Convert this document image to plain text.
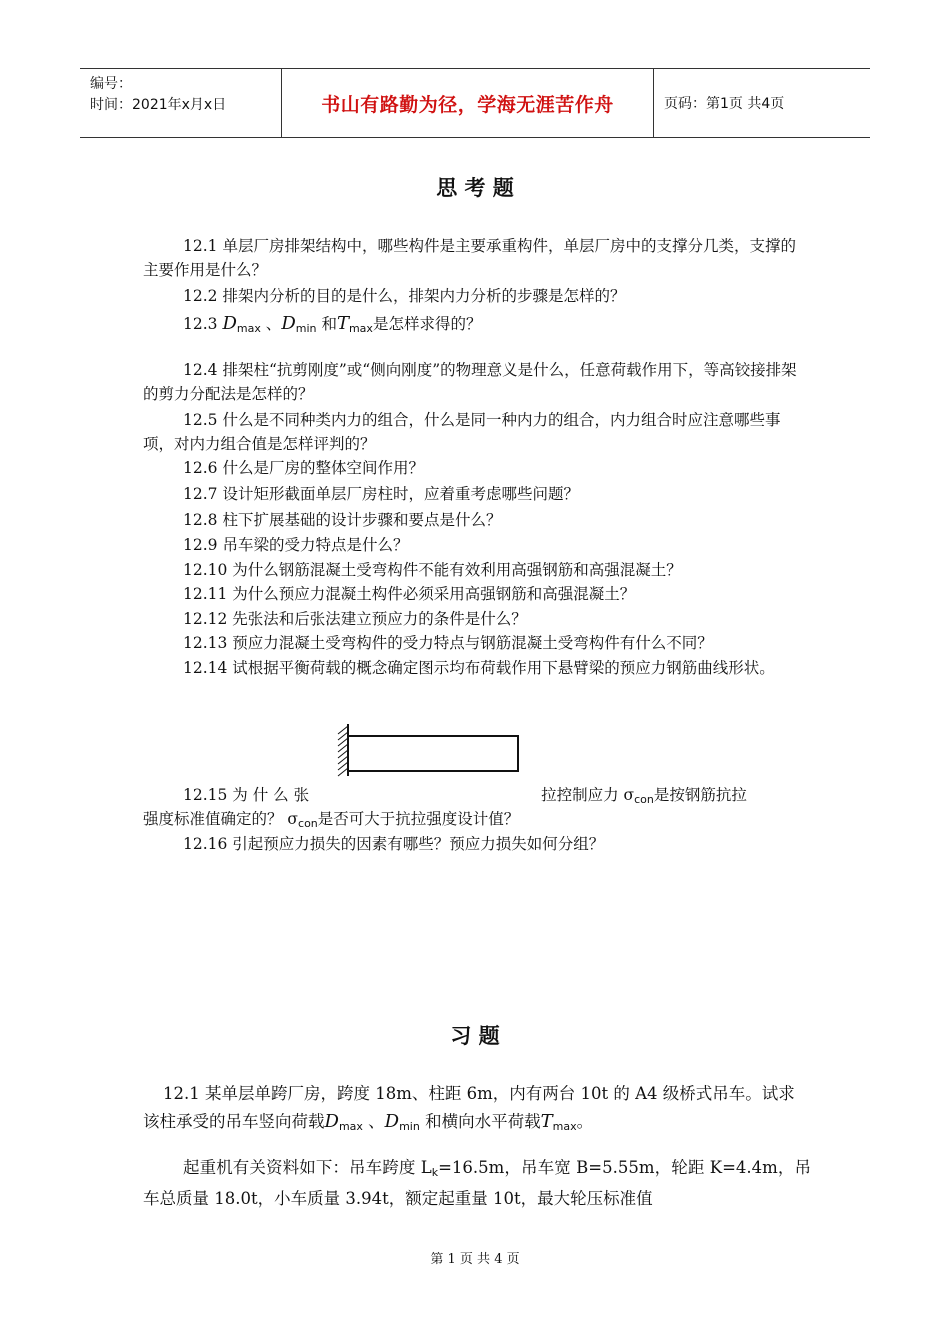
编号：
时间：2021年x月x日	书山有路勤为径，学海无涯苦作舟	页码：第1页 共4页
思 考 题
12.1 单层厂房排架结构中，哪些构件是主要承重构件，单层厂房中的支撑分几类，支撑的主要作用是什么？
12.2 排架内分析的目的是什么，排架内力分析的步骤是怎样的？
12.3 $D_{max}$ 、$D_{min}$ 和$T_{max}$是怎样求得的？
12.4 排架柱“抗剪刚度”或“侧向刚度”的物理意义是什么，任意荷载作用下，等高铰接排架的剪力分配法是怎样的？
12.5 什么是不同种类内力的组合，什么是同一种内力的组合，内力组合时应注意哪些事项，对内力组合值是怎样评判的？
12.6 什么是厂房的整体空间作用？
12.7 设计矩形截面单层厂房柱时，应着重考虑哪些问题？
12.8 柱下扩展基础的设计步骤和要点是什么？
12.9 吊车梁的受力特点是什么？
12.10 为什么钢筋混凝土受弯构件不能有效利用高强钢筋和高强混凝土？
12.11 为什么预应力混凝土构件必须采用高强钢筋和高强混凝土？
12.12 先张法和后张法建立预应力的条件是什么？
12.13 预应力混凝土受弯构件的受力特点与钢筋混凝土受弯构件有什么不同？
12.14 试根据平衡荷载的概念确定图示均布荷载作用下悬臂梁的预应力钢筋曲线形状。
12.15 为 什 么 张	拉控制应力 $\sigma_{con}$是按钢筋抗拉
强度标准值确定的？ $\sigma_{con}$是否可大于抗拉强度设计值？
12.16 引起预应力损失的因素有哪些？预应力损失如何分组？
习 题
12.1 某单层单跨厂房，跨度 18m、柱距 6m，内有两台 10t 的 A4 级桥式吊车。试求该柱承受的吊车竖向荷载$D_{max}$ 、$D_{min}$ 和横向水平荷载$T_{max}$。
起重机有关资料如下：吊车跨度 $L_k=16.5m$，吊车宽 B=5.55m，轮距 K=4.4m，吊车总质量 18.0t，小车质量 3.94t，额定起重量 10t，最大轮压标准值
第 1 页 共 4 页
